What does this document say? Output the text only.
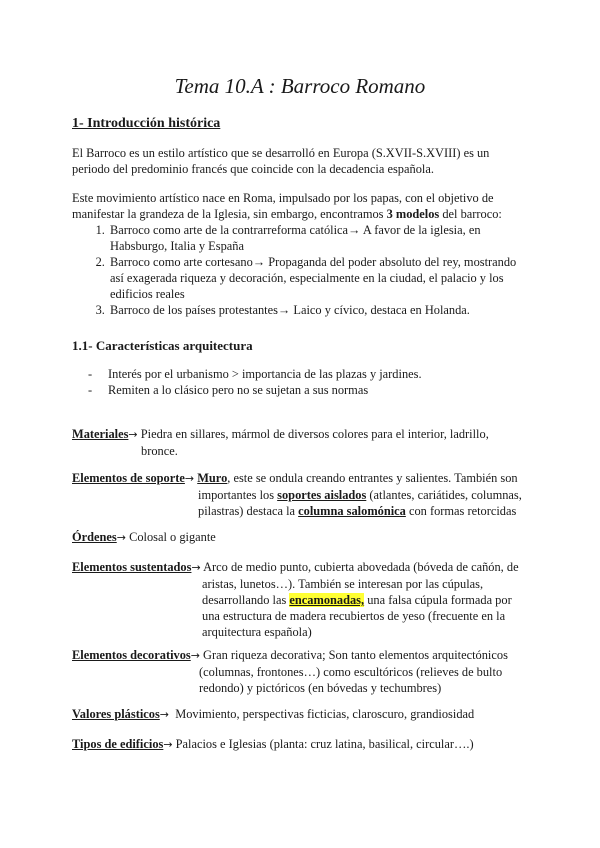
Tema 10.A : Barroco Romano
1- Introducción histórica

El Barroco es un estilo artístico que se desarrolló en Europa (S.XVII-S.XVIII) es un

periodo del predominio francés que coincide con la decadencia española.

Este movimiento artístico nace en Roma, impulsado por los papas, con el objetivo de

manifestar la grandeza de la Iglesia, sin embargo, encontramos 3 modelos del barroco:

1. Barroco como arte de la contrarreforma católica→ A favor de la iglesia, en
Habsburgo, Italia y España
2. Barroco como arte cortesano→ Propaganda del poder absoluto del rey, mostrando
así exagerada riqueza y decoración, especialmente en la ciudad, el palacio y los
edificios reales
3. Barroco de los países protestantes→ Laico y cívico, destaca en Holanda.
1.1- Características arquitectura
- Interés por el urbanismo > importancia de las plazas y jardines.
- Remiten a lo clásico pero no se sujetan a sus normas
Materiales→ Piedra en sillares, mármol de diversos colores para el interior, ladrillo,
bronce.
Elementos de soporte→ Muro, este se ondula creando entrantes y salientes. También son
importantes los soportes aislados (atlantes, cariátides, columnas,
pilastras) destaca la columna salomónica con formas retorcidas
Órdenes→ Colosal o gigante
Elementos sustentados→ Arco de medio punto, cubierta abovedada (bóveda de cañón, de
aristas, lunetos…). También se interesan por las cúpulas,
desarrollando las encamonadas, una falsa cúpula formada por
una estructura de madera recubiertos de yeso (frecuente en la
arquitectura española)
Elementos decorativos→ Gran riqueza decorativa; Son tanto elementos arquitectónicos
(columnas, frontones…) como escultóricos (relieves de bulto
redondo) y pictóricos (en bóvedas y techumbres)
Valores plásticos→  Movimiento, perspectivas ficticias, claroscuro, grandiosidad
Tipos de edificios→ Palacios e Iglesias (planta: cruz latina, basilical, circular….)
